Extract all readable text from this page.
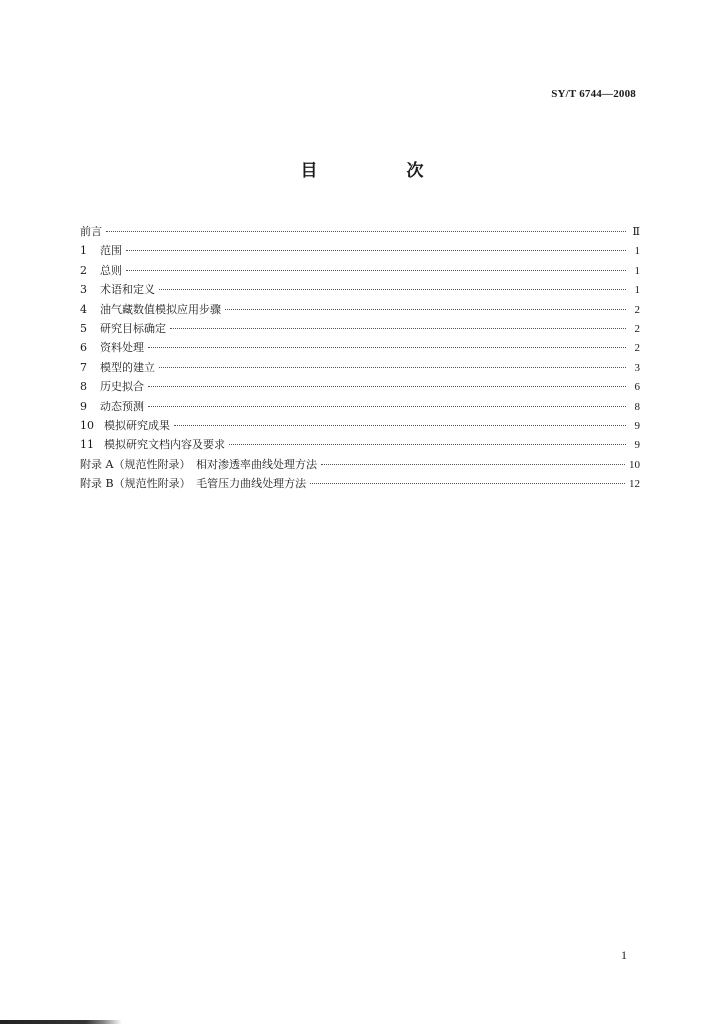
SY/T 6744—2008
目　次
前言	Ⅱ
1	范围	1
2	总则	1
3	术语和定义	1
4	油气藏数值模拟应用步骤	2
5	研究目标确定	2
6	资料处理	2
7	模型的建立	3
8	历史拟合	6
9	动态预测	8
10 模拟研究成果	9
11 模拟研究文档内容及要求	9
附录 A（规范性附录）　相对渗透率曲线处理方法	10
附录 B（规范性附录）　毛管压力曲线处理方法	12
1
